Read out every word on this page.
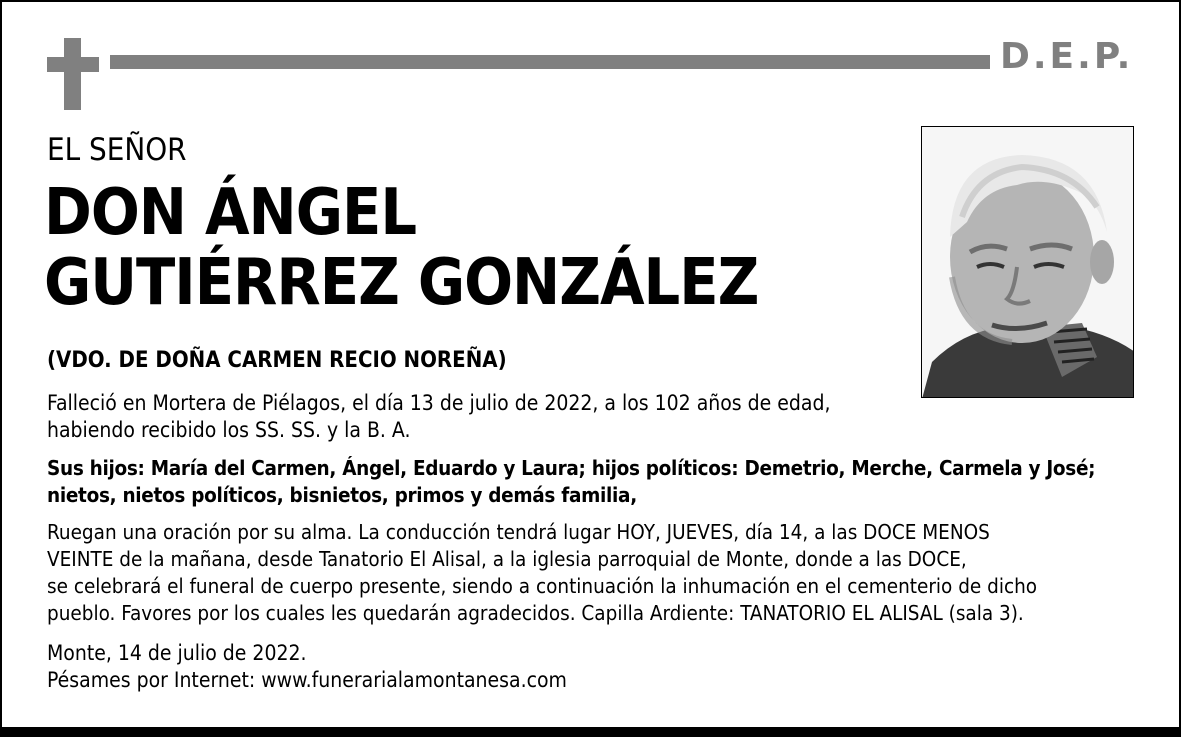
D.E.P.
EL SEÑOR
DON ÁNGEL
GUTIÉRREZ GONZÁLEZ
(VDO. DE DOÑA CARMEN RECIO NOREÑA)
Falleció en Mortera de Piélagos, el día 13 de julio de 2022, a los 102 años de edad,
habiendo recibido los SS. SS. y la B. A.
Sus hijos: María del Carmen, Ángel, Eduardo y Laura; hijos políticos: Demetrio, Merche, Carmela y José;
nietos, nietos políticos, bisnietos, primos y demás familia,
Ruegan una oración por su alma. La conducción tendrá lugar HOY, JUEVES, día 14, a las DOCE MENOS
VEINTE de la mañana, desde Tanatorio El Alisal, a la iglesia parroquial de Monte, donde a las DOCE,
se celebrará el funeral de cuerpo presente, siendo a continuación la inhumación en el cementerio de dicho
pueblo. Favores por los cuales les quedarán agradecidos. Capilla Ardiente: TANATORIO EL ALISAL (sala 3).
Monte, 14 de julio de 2022.
Pésames por Internet: www.funerarialamontanesa.com
